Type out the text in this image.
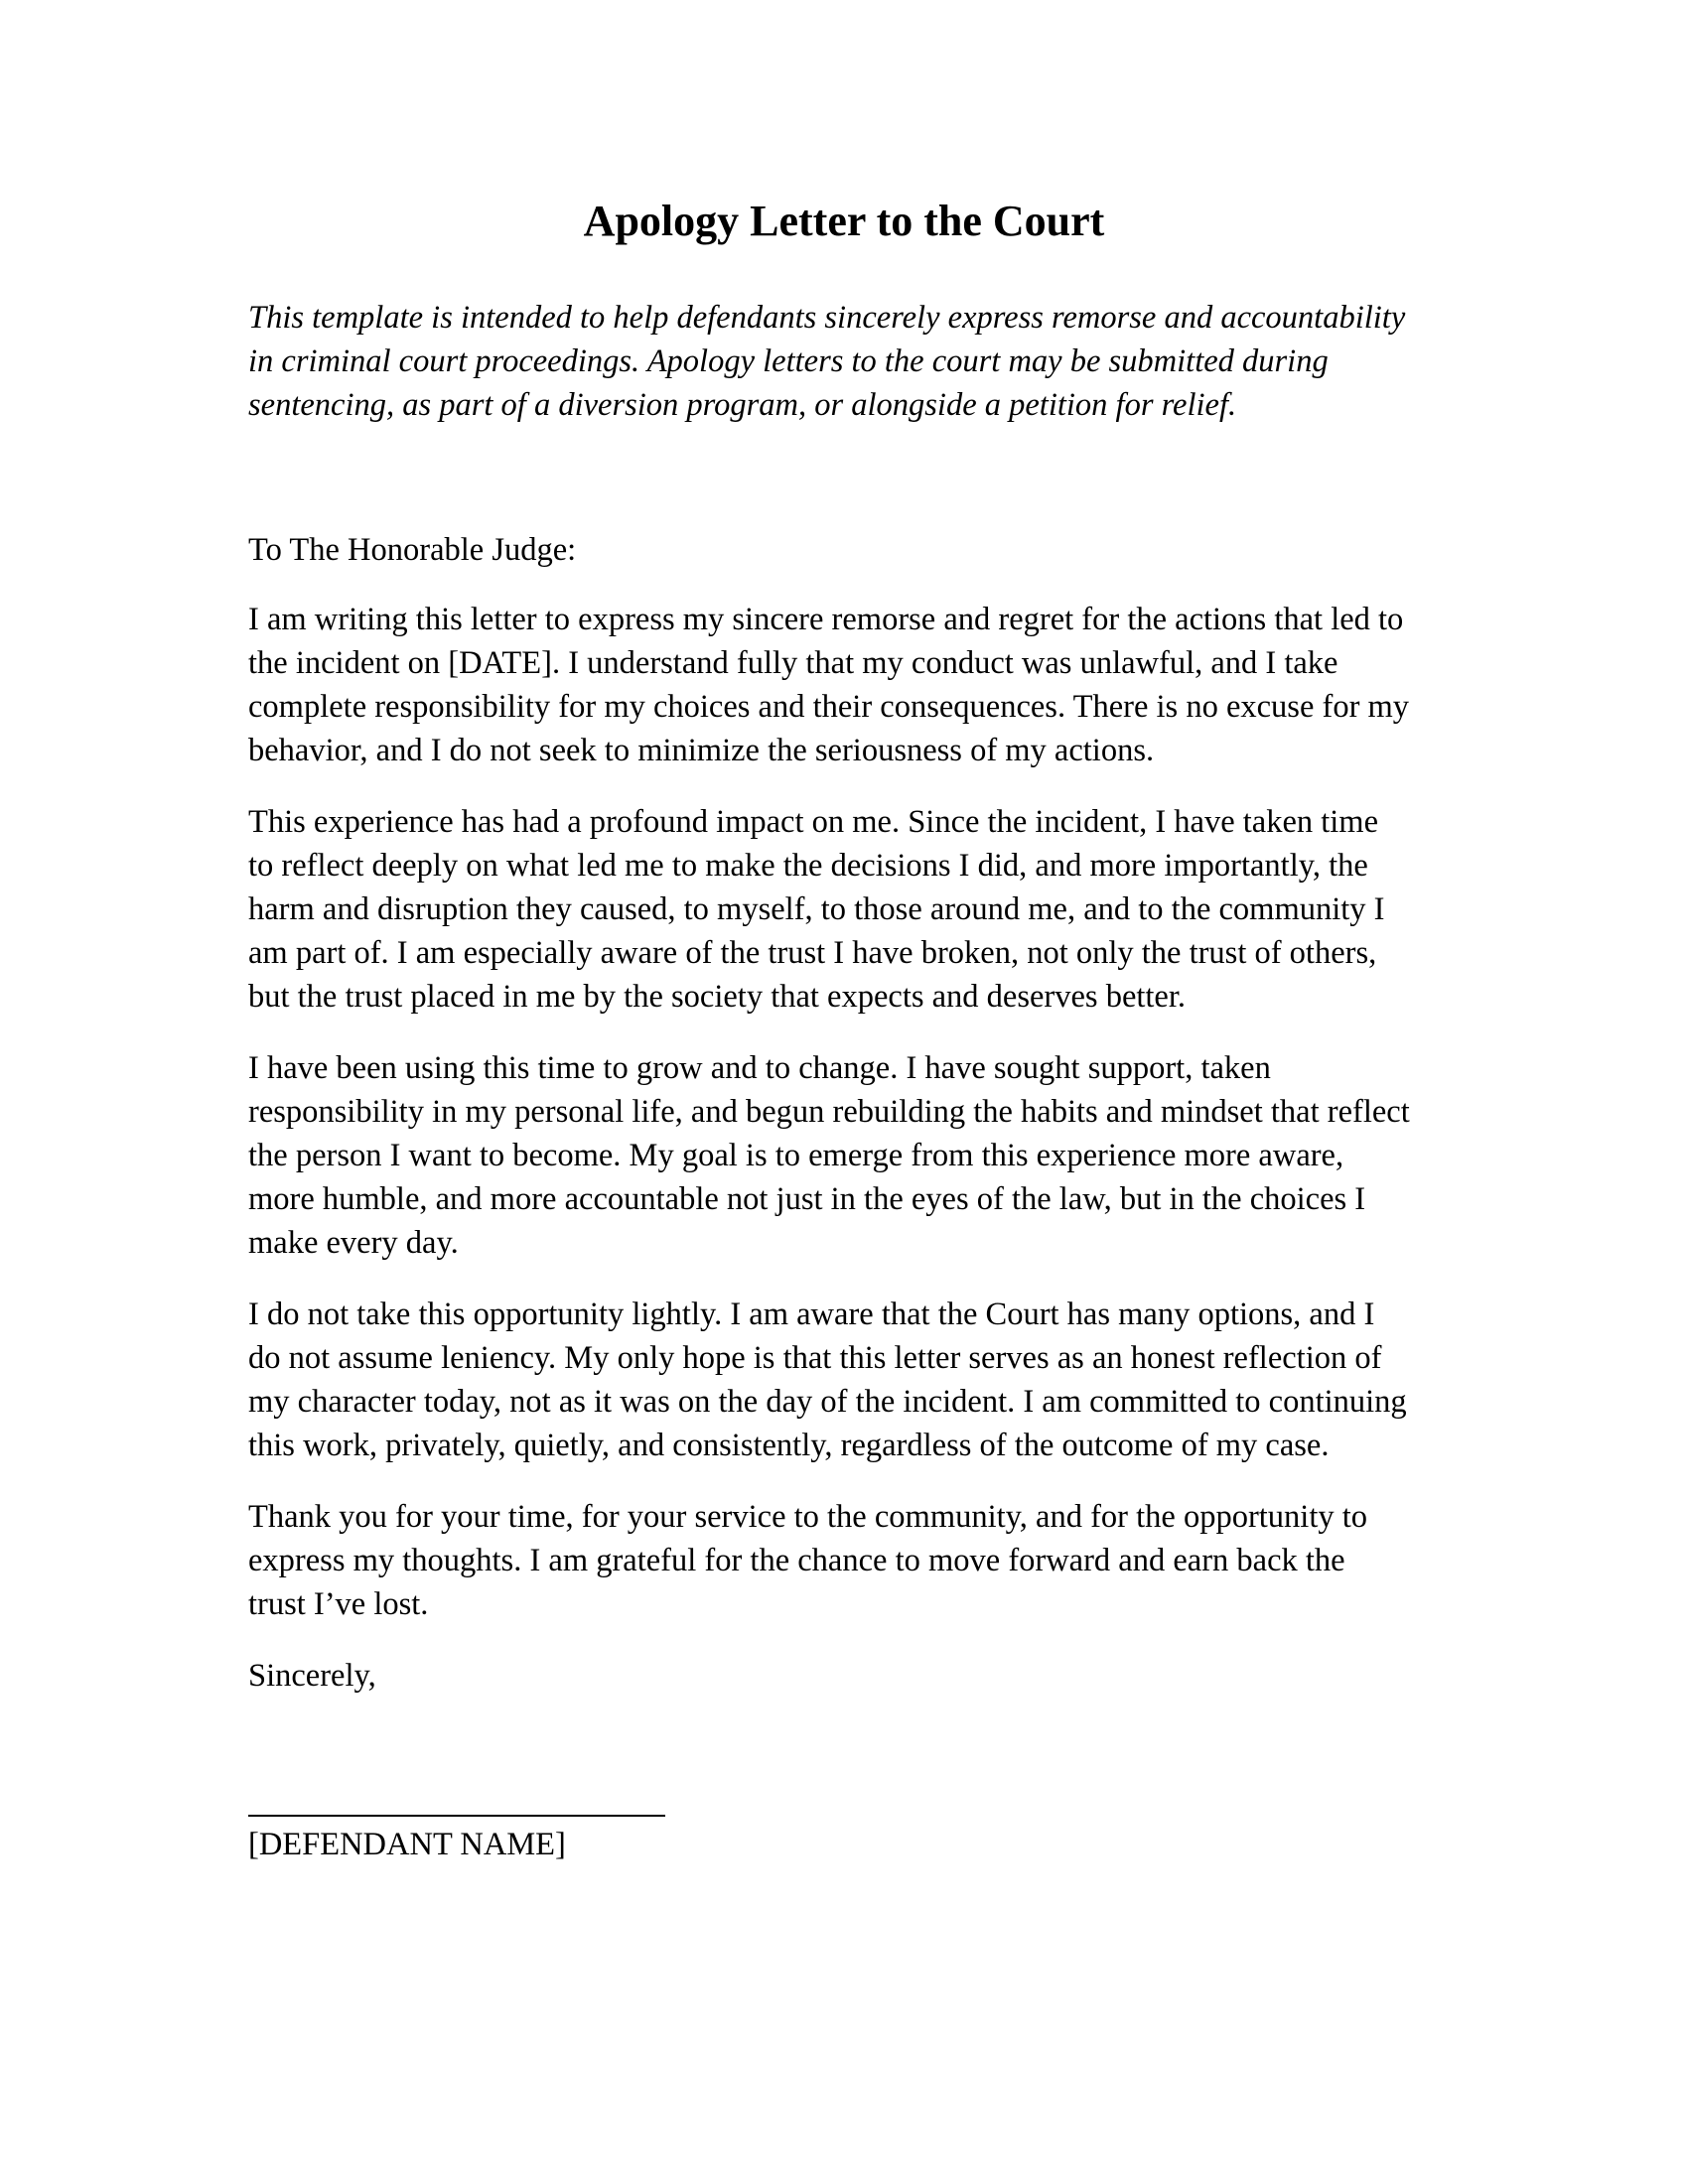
Apology Letter to the Court
This template is intended to help defendants sincerely express remorse and accountability
in criminal court proceedings. Apology letters to the court may be submitted during
sentencing, as part of a diversion program, or alongside a petition for relief.
To The Honorable Judge:
I am writing this letter to express my sincere remorse and regret for the actions that led to
the incident on [DATE]. I understand fully that my conduct was unlawful, and I take
complete responsibility for my choices and their consequences. There is no excuse for my
behavior, and I do not seek to minimize the seriousness of my actions.
This experience has had a profound impact on me. Since the incident, I have taken time
to reflect deeply on what led me to make the decisions I did, and more importantly, the
harm and disruption they caused, to myself, to those around me, and to the community I
am part of. I am especially aware of the trust I have broken, not only the trust of others,
but the trust placed in me by the society that expects and deserves better.
I have been using this time to grow and to change. I have sought support, taken
responsibility in my personal life, and begun rebuilding the habits and mindset that reflect
the person I want to become. My goal is to emerge from this experience more aware,
more humble, and more accountable not just in the eyes of the law, but in the choices I
make every day.
I do not take this opportunity lightly. I am aware that the Court has many options, and I
do not assume leniency. My only hope is that this letter serves as an honest reflection of
my character today, not as it was on the day of the incident. I am committed to continuing
this work, privately, quietly, and consistently, regardless of the outcome of my case.
Thank you for your time, for your service to the community, and for the opportunity to
express my thoughts. I am grateful for the chance to move forward and earn back the
trust I’ve lost.
Sincerely,
[DEFENDANT NAME]
